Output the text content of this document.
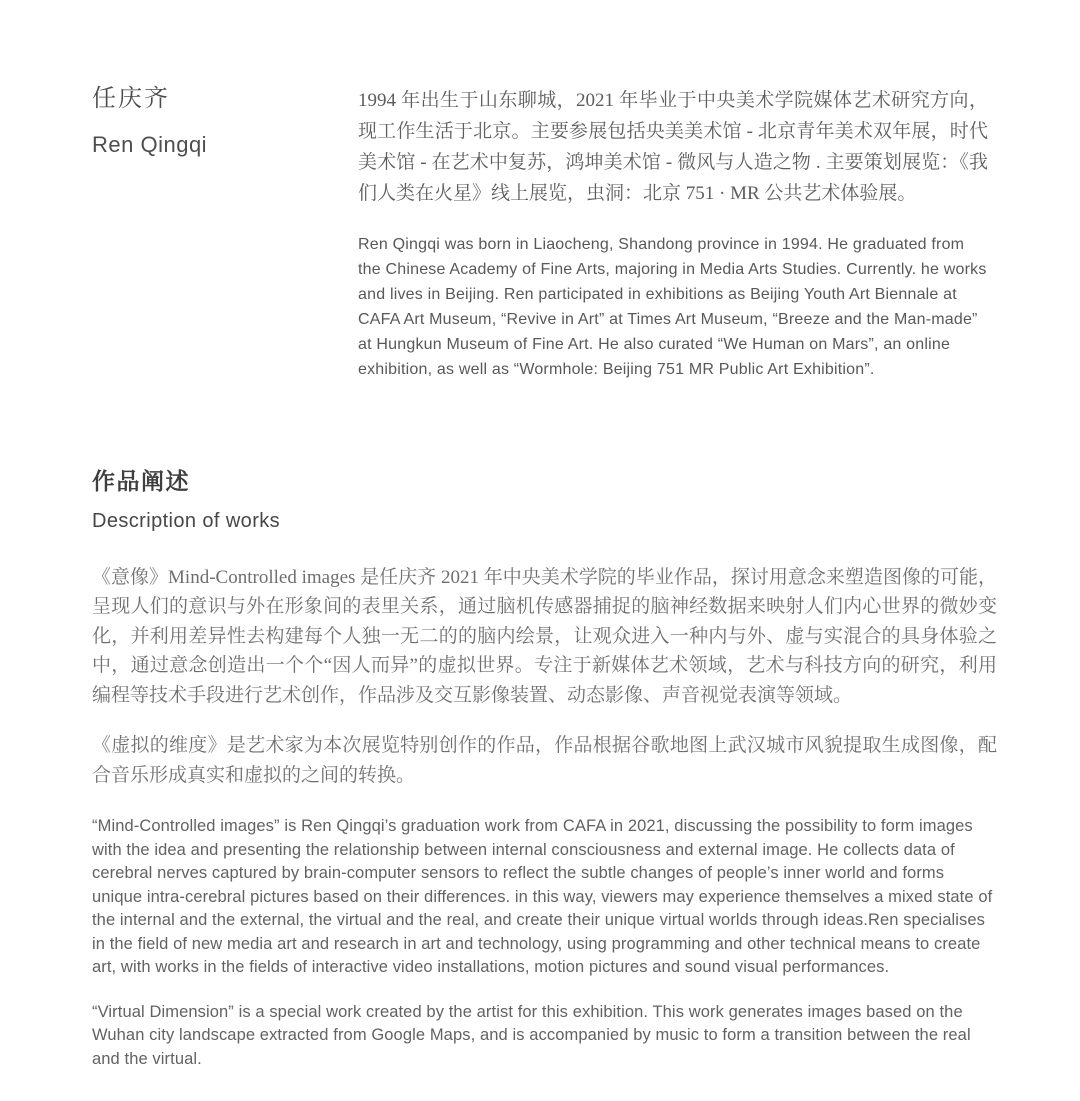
任庆齐
Ren Qingqi

1994 年出生于山东聊城，2021 年毕业于中央美术学院媒体艺术研究方向，现工作生活于北京。主要参展包括央美美术馆 - 北京青年美术双年展，时代美术馆 - 在艺术中复苏，鸿坤美术馆 - 微风与人造之物 . 主要策划展览：《我们人类在火星》线上展览，虫洞：北京 751 · MR 公共艺术体验展。

Ren Qingqi was born in Liaocheng, Shandong province in 1994. He graduated from the Chinese Academy of Fine Arts, majoring in Media Arts Studies. Currently. he works and lives in Beijing. Ren participated in exhibitions as Beijing Youth Art Biennale at CAFA Art Museum, “Revive in Art” at Times Art Museum, “Breeze and the Man-made” at Hungkun Museum of Fine Art. He also curated “We Human on Mars”, an online exhibition, as well as “Wormhole: Beijing 751 MR Public Art Exhibition”.

作品阐述
Description of works

《意像》Mind-Controlled images 是任庆齐 2021 年中央美术学院的毕业作品，探讨用意念来塑造图像的可能，呈现人们的意识与外在形象间的表里关系，通过脑机传感器捕捉的脑神经数据来映射人们内心世界的微妙变化，并利用差异性去构建每个人独一无二的的脑内绘景，让观众进入一种内与外、虚与实混合的具身体验之中，通过意念创造出一个个“因人而异”的虚拟世界。专注于新媒体艺术领域，艺术与科技方向的研究，利用编程等技术手段进行艺术创作，作品涉及交互影像装置、动态影像、声音视觉表演等领域。

《虚拟的维度》是艺术家为本次展览特别创作的作品，作品根据谷歌地图上武汉城市风貌提取生成图像，配合音乐形成真实和虚拟的之间的转换。

“Mind-Controlled images” is Ren Qingqi’s graduation work from CAFA in 2021, discussing the possibility to form images with the idea and presenting the relationship between internal consciousness and external image. He collects data of cerebral nerves captured by brain-computer sensors to reflect the subtle changes of people’s inner world and forms unique intra-cerebral pictures based on their differences. in this way, viewers may experience themselves a mixed state of the internal and the external, the virtual and the real, and create their unique virtual worlds through ideas.Ren specialises in the field of new media art and research in art and technology, using programming and other technical means to create art, with works in the fields of interactive video installations, motion pictures and sound visual performances.

“Virtual Dimension” is a special work created by the artist for this exhibition. This work generates images based on the Wuhan city landscape extracted from Google Maps, and is accompanied by music to form a transition between the real and the virtual.
